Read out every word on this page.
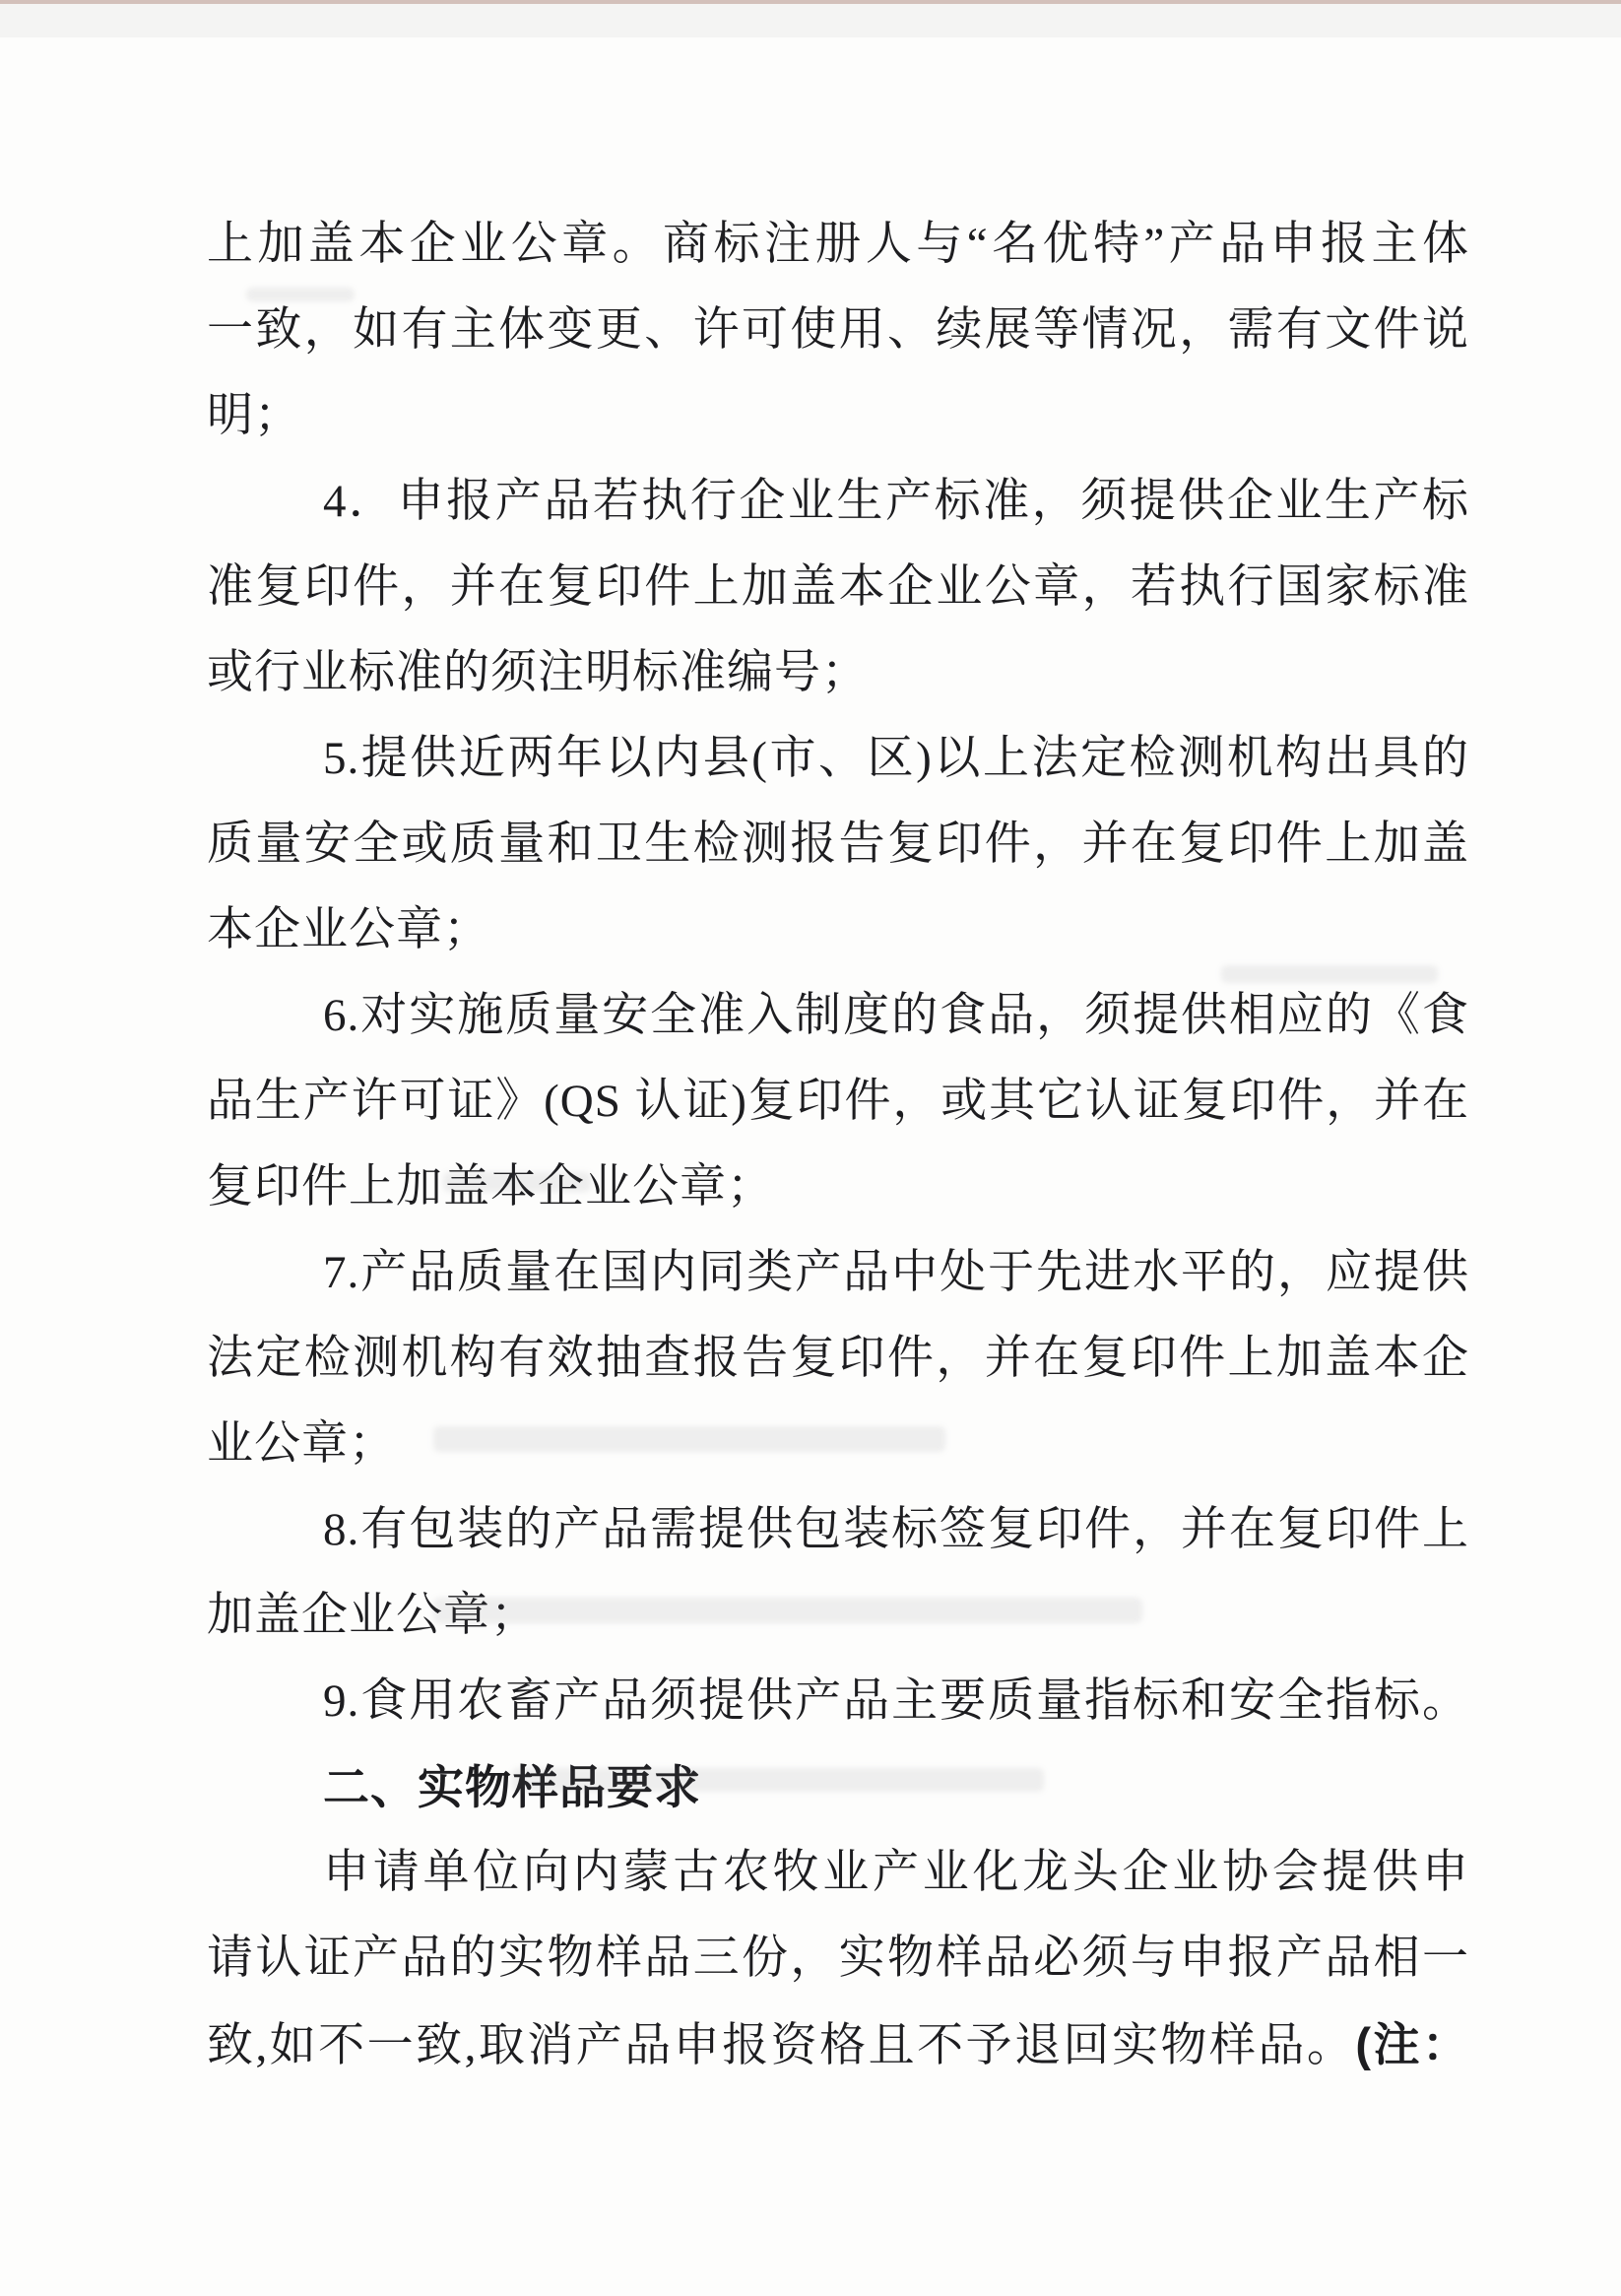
上加盖本企业公章。商标注册人与“名优特”产品申报主体
一致，如有主体变更、许可使用、续展等情况，需有文件说
明；
4．申报产品若执行企业生产标准，须提供企业生产标
准复印件，并在复印件上加盖本企业公章，若执行国家标准
或行业标准的须注明标准编号；
5.提供近两年以内县(市、区)以上法定检测机构出具的
质量安全或质量和卫生检测报告复印件，并在复印件上加盖
本企业公章；
6.对实施质量安全准入制度的食品，须提供相应的《食
品生产许可证》(QS 认证)复印件，或其它认证复印件，并在
复印件上加盖本企业公章；
7.产品质量在国内同类产品中处于先进水平的，应提供
法定检测机构有效抽查报告复印件，并在复印件上加盖本企
业公章；
8.有包装的产品需提供包装标签复印件，并在复印件上
加盖企业公章；
9.食用农畜产品须提供产品主要质量指标和安全指标。
二、实物样品要求
申请单位向内蒙古农牧业产业化龙头企业协会提供申
请认证产品的实物样品三份，实物样品必须与申报产品相一
致,如不一致,取消产品申报资格且不予退回实物样品。(注：
